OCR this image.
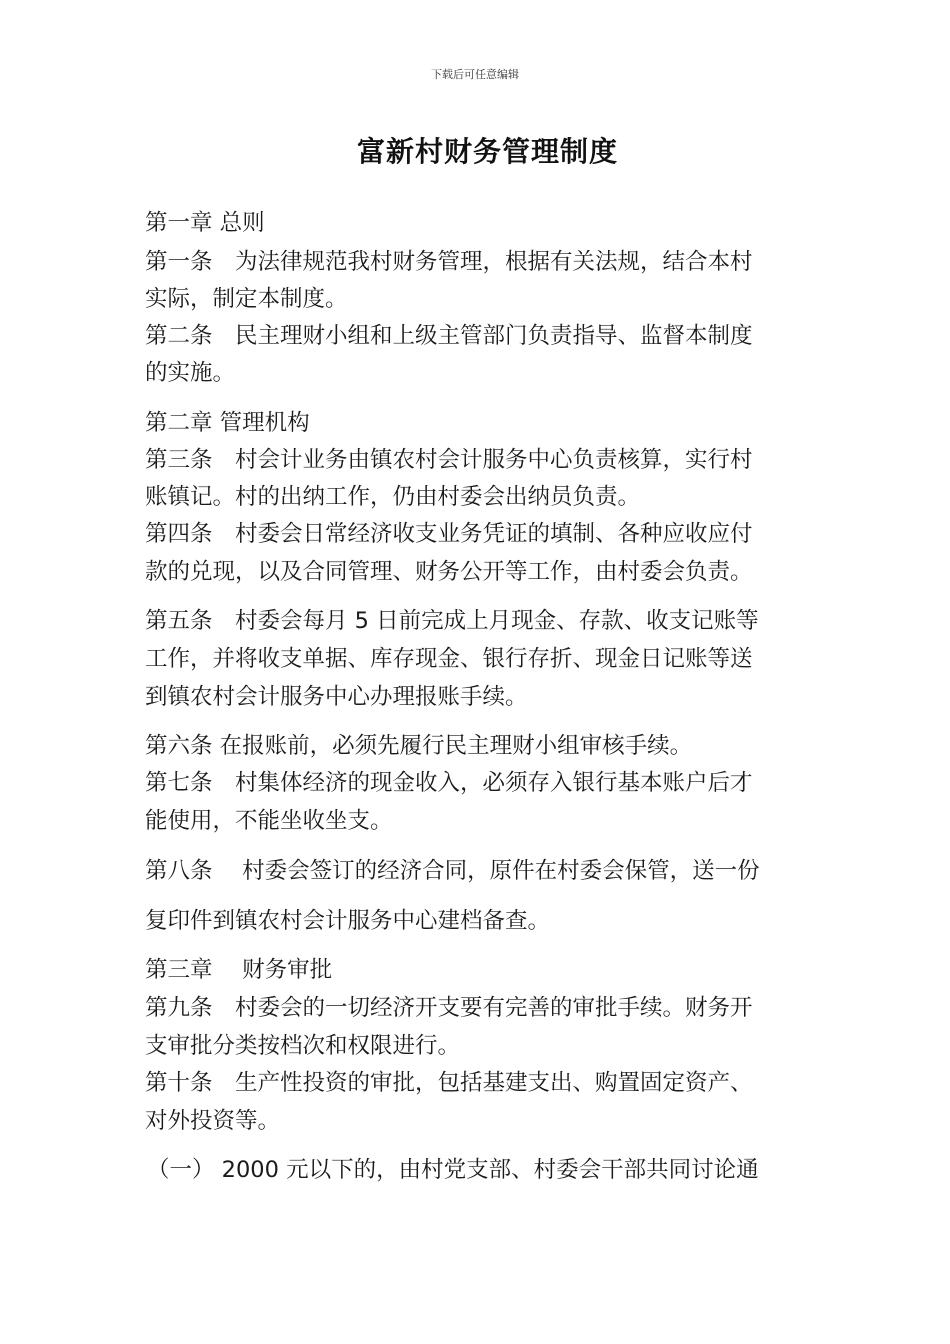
下载后可任意编辑
富新村财务管理制度
第一章 总则
第一条　为法律规范我村财务管理，根据有关法规，结合本村
实际，制定本制度。
第二条　民主理财小组和上级主管部门负责指导、监督本制度
的实施。
第二章 管理机构
第三条　村会计业务由镇农村会计服务中心负责核算，实行村
账镇记。村的出纳工作，仍由村委会出纳员负责。
第四条　村委会日常经济收支业务凭证的填制、各种应收应付
款的兑现，以及合同管理、财务公开等工作，由村委会负责。
第五条　村委会每月 5 日前完成上月现金、存款、收支记账等
工作，并将收支单据、库存现金、银行存折、现金日记账等送
到镇农村会计服务中心办理报账手续。
第六条 在报账前，必须先履行民主理财小组审核手续。
第七条　村集体经济的现金收入，必须存入银行基本账户后才
能使用，不能坐收坐支。
第八条　 村委会签订的经济合同，原件在村委会保管，送一份
复印件到镇农村会计服务中心建档备查。
第三章　 财务审批
第九条　村委会的一切经济开支要有完善的审批手续。财务开
支审批分类按档次和权限进行。
第十条　生产性投资的审批，包括基建支出、购置固定资产、
对外投资等。
（一） 2000 元以下的，由村党支部、村委会干部共同讨论通
